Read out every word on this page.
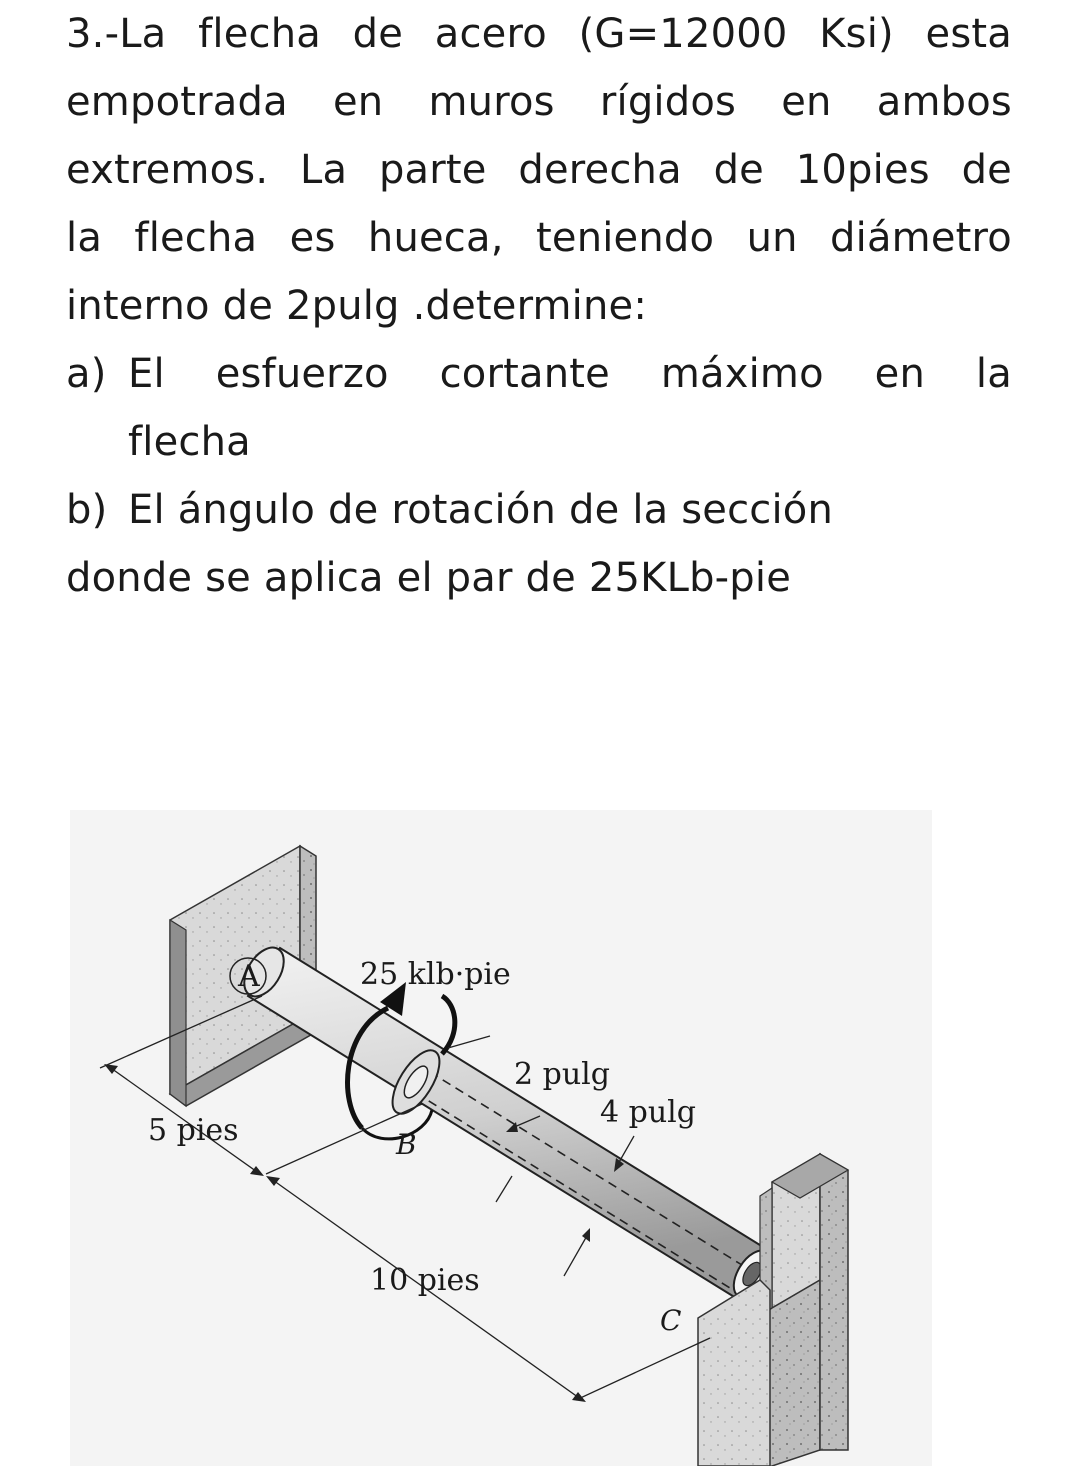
3.-La flecha de acero (G=12000 Ksi) esta
empotrada en muros rígidos en ambos
extremos. La parte derecha de 10pies de
la flecha es hueca, teniendo un diámetro
interno de 2pulg .determine:
a) El esfuerzo cortante máximo en la
flecha
b) El ángulo de rotación de la sección
donde se aplica el par de 25KLb-pie
A
B
C
25 klb·pie
2 pulg
4 pulg
5 pies
10 pies
